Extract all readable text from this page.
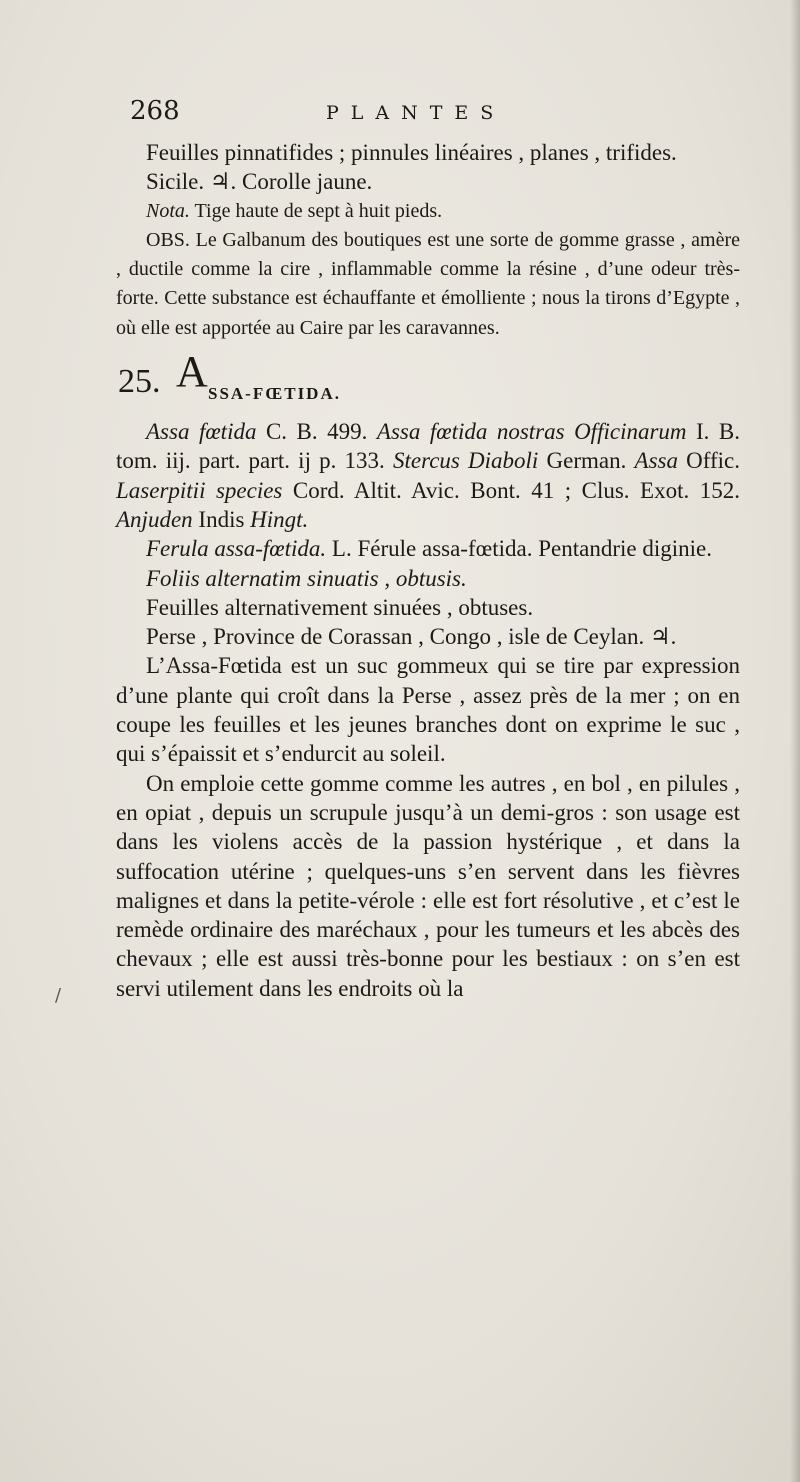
268	PLANTES

Feuilles pinnatifides ; pinnules linéaires , planes , trifides.

Sicile. ♃. Corolle jaune.

Nota. Tige haute de sept à huit pieds.

OBS. Le Galbanum des boutiques est une sorte de gomme grasse , amère , ductile comme la cire , inflammable comme la résine , d’une odeur très-forte. Cette substance est échauffante et émolliente ; nous la tirons d’Egypte , où elle est apportée au Caire par les caravannes.

25. A SSA-FŒTIDA.

Assa fœtida C. B. 499. Assa fœtida nostras Officinarum I. B. tom. iij. part. part. ij p. 133. Stercus Diaboli German. Assa Offic. Laserpitii species Cord. Altit. Avic. Bont. 41 ; Clus. Exot. 152. Anjuden Indis Hingt.

Ferula assa-fœtida. L. Férule assa-fœtida. Pentandrie diginie.

Foliis alternatim sinuatis , obtusis.

Feuilles alternativement sinuées , obtuses.

Perse , Province de Corassan , Congo , isle de Ceylan. ♃.

L’Assa-Fœtida est un suc gommeux qui se tire par expression d’une plante qui croît dans la Perse , assez près de la mer ; on en coupe les feuilles et les jeunes branches dont on exprime le suc , qui s’épaissit et s’endurcit au soleil.

On emploie cette gomme comme les autres , en bol , en pilules , en opiat , depuis un scrupule jusqu’à un demi-gros : son usage est dans les violens accès de la passion hystérique , et dans la suffocation utérine ; quelques-uns s’en servent dans les fièvres malignes et dans la petite-vérole : elle est fort résolutive , et c’est le remède ordinaire des maréchaux , pour les tumeurs et les abcès des chevaux ; elle est aussi très-bonne pour les bestiaux : on s’en est servi utilement dans les endroits où la

/
